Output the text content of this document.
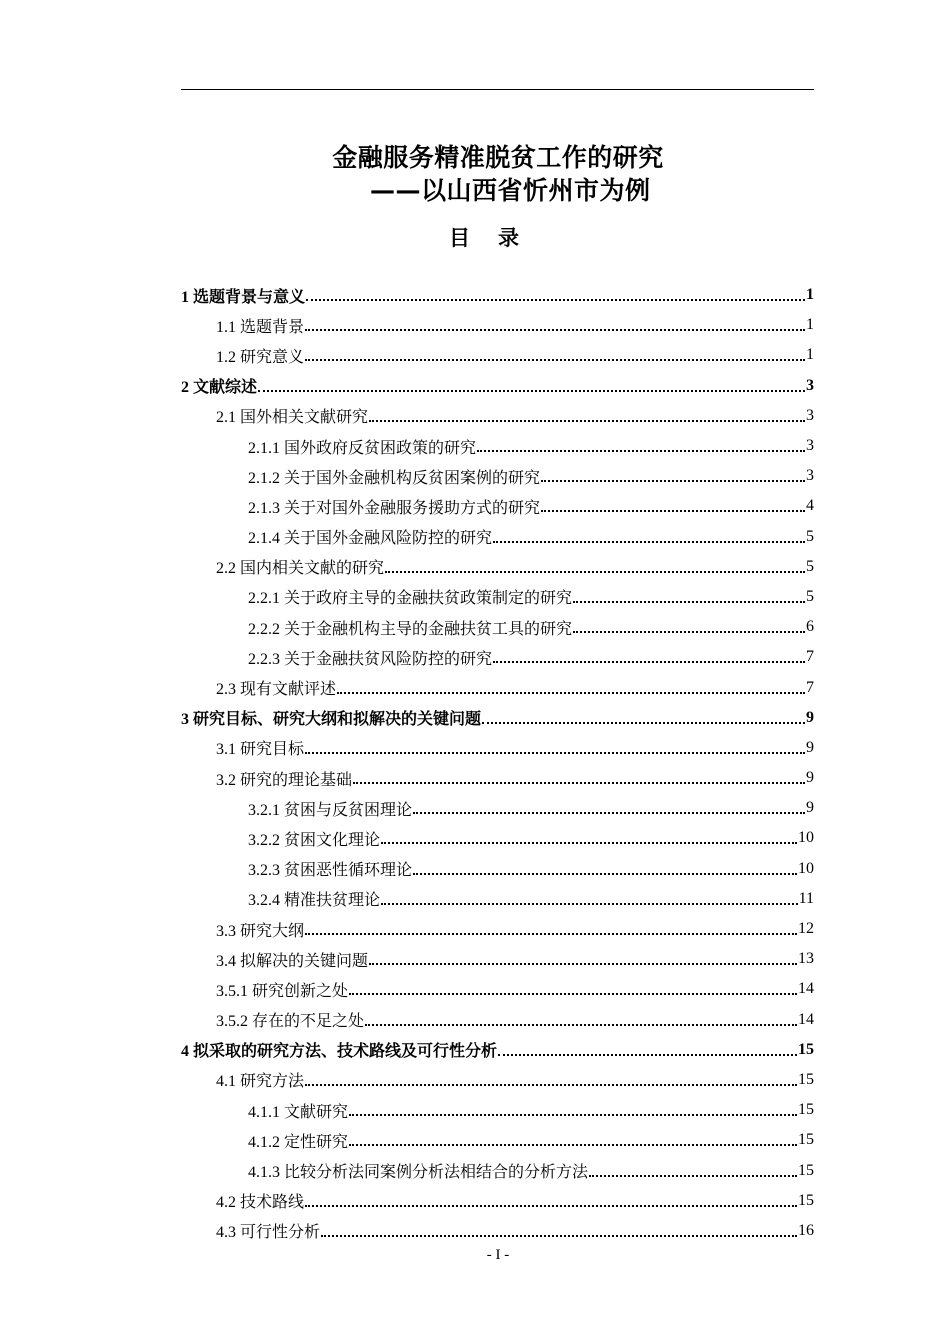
金融服务精准脱贫工作的研究
——以山西省忻州市为例
目录
1 选题背景与意义	1
1.1 选题背景	1
1.2 研究意义	1
2 文献综述	3
2.1 国外相关文献研究	3
2.1.1 国外政府反贫困政策的研究	3
2.1.2 关于国外金融机构反贫困案例的研究	3
2.1.3 关于对国外金融服务援助方式的研究	4
2.1.4 关于国外金融风险防控的研究	5
2.2 国内相关文献的研究	5
2.2.1 关于政府主导的金融扶贫政策制定的研究	5
2.2.2 关于金融机构主导的金融扶贫工具的研究	6
2.2.3 关于金融扶贫风险防控的研究	7
2.3 现有文献评述	7
3 研究目标、研究大纲和拟解决的关键问题	9
3.1 研究目标	9
3.2 研究的理论基础	9
3.2.1 贫困与反贫困理论	9
3.2.2 贫困文化理论	10
3.2.3 贫困恶性循环理论	10
3.2.4 精准扶贫理论	11
3.3 研究大纲	12
3.4 拟解决的关键问题	13
3.5.1 研究创新之处	14
3.5.2 存在的不足之处	14
4 拟采取的研究方法、技术路线及可行性分析	15
4.1 研究方法	15
4.1.1 文献研究	15
4.1.2 定性研究	15
4.1.3 比较分析法同案例分析法相结合的分析方法	15
4.2 技术路线	15
4.3 可行性分析	16
- I -
